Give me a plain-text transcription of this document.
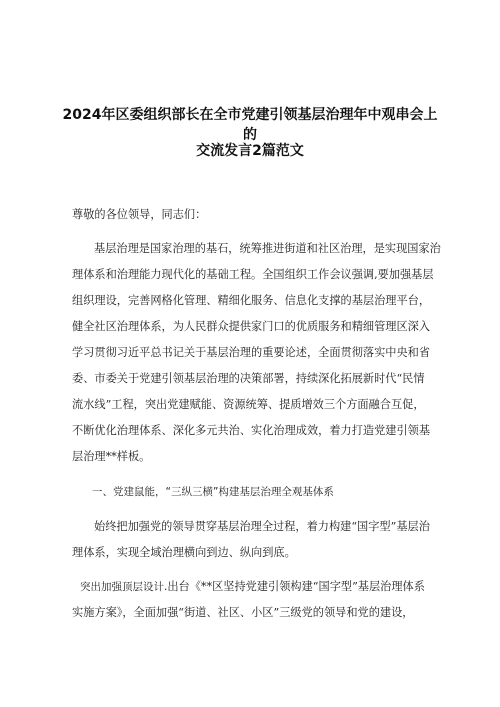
2024年区委组织部长在全市党建引领基层治理年中观串会上的
交流发言2篇范文
尊敬的各位领导，同志们：
基层治理是国家治理的基石，统筹推进街道和社区治理，是实现国家治
理体系和治理能力现代化的基础工程。全国组织工作会议强调,要加强基层
组织理设，完善网格化管理、精细化服务、信息化支撑的基层治理平台，
健全社区治理体系，为人民群众提供家门口的优质服务和精细管理区深入
学习贯彻习近平总书记关于基层治理的重要论述，全面贯彻落实中央和省
委、市委关于党建引领基层治理的决策部署，持续深化拓展新时代“民情
流水线”工程，突出党建赋能、资源统筹、提质增效三个方面融合互促，
不断优化治理体系、深化多元共治、实化治理成效，着力打造党建引领基
层治理**样板。
一、党建鼠能，“三纵三横”构建基层治理全观基体系
始终把加强党的领导贯穿基层治理全过程，着力构建“国字型”基层治
理体系，实现全域治理横向到边、纵向到底。
突出加强顶层设计.出台《**区坚持党建引领构建“国字型”基层治理体系
实施方案》，全面加强“街道、社区、小区”三级党的领导和党的建设，
